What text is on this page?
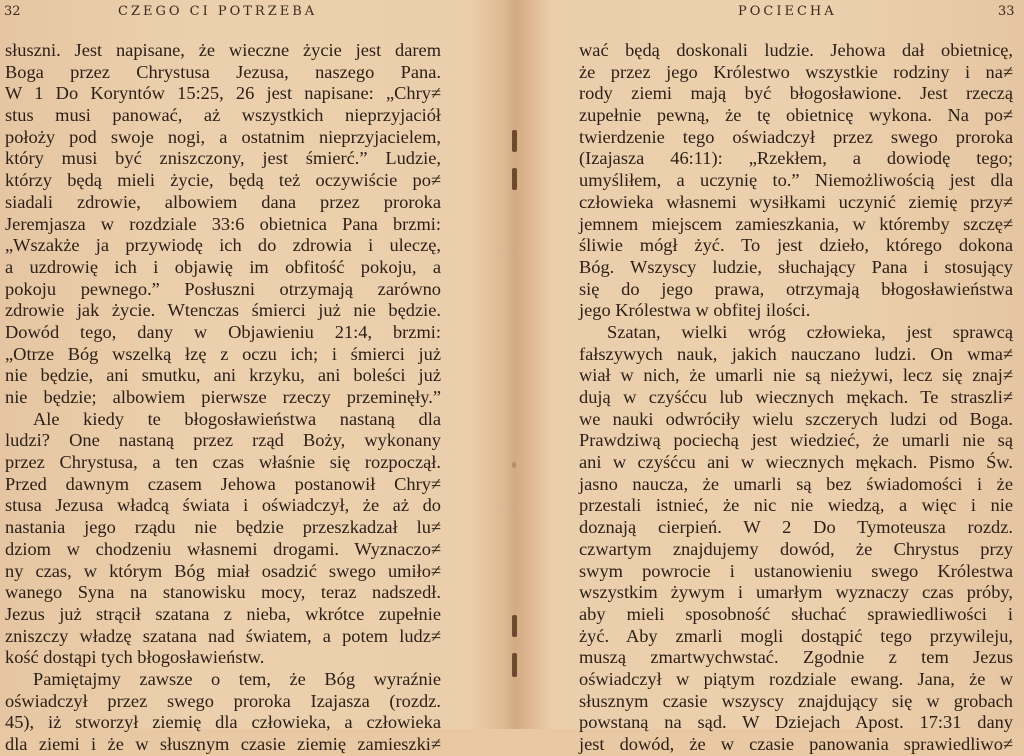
32	CZEGO CI POTRZEBA
słuszni. Jest napisane, że wieczne życie jest darem
Boga przez Chrystusa Jezusa, naszego Pana.
W 1 Do Koryntów 15:25, 26 jest napisane: „Chry≠
stus musi panować, aż wszystkich nieprzyjaciół
położy pod swoje nogi, a ostatnim nieprzyjacielem,
który musi być zniszczony, jest śmierć.” Ludzie,
którzy będą mieli życie, będą też oczywiście po≠
siadali zdrowie, albowiem dana przez proroka
Jeremjasza w rozdziale 33:6 obietnica Pana brzmi:
„Wszakże ja przywiodę ich do zdrowia i uleczę,
a uzdrowię ich i objawię im obfitość pokoju, a
pokoju pewnego.” Posłuszni otrzymają zarówno
zdrowie jak życie. Wtenczas śmierci już nie będzie.
Dowód tego, dany w Objawieniu 21:4, brzmi:
„Otrze Bóg wszelką łzę z oczu ich; i śmierci już
nie będzie, ani smutku, ani krzyku, ani boleści już
nie będzie; albowiem pierwsze rzeczy przeminęły.”
Ale kiedy te błogosławieństwa nastaną dla
ludzi? One nastaną przez rząd Boży, wykonany
przez Chrystusa, a ten czas właśnie się rozpoczął.
Przed dawnym czasem Jehowa postanowił Chry≠
stusa Jezusa władcą świata i oświadczył, że aż do
nastania jego rządu nie będzie przeszkadzał lu≠
dziom w chodzeniu własnemi drogami. Wyznaczo≠
ny czas, w którym Bóg miał osadzić swego umiło≠
wanego Syna na stanowisku mocy, teraz nadszedł.
Jezus już strącił szatana z nieba, wkrótce zupełnie
zniszczy władzę szatana nad światem, a potem ludz≠
kość dostąpi tych błogosławieństw.
Pamiętajmy zawsze o tem, że Bóg wyraźnie
oświadczył przez swego proroka Izajasza (rozdz.
45), iż stworzył ziemię dla człowieka, a człowieka
dla ziemi i że w słusznym czasie ziemię zamieszki≠
POCIECHA	33
wać będą doskonali ludzie. Jehowa dał obietnicę,
że przez jego Królestwo wszystkie rodziny i na≠
rody ziemi mają być błogosławione. Jest rzeczą
zupełnie pewną, że tę obietnicę wykona. Na po≠
twierdzenie tego oświadczył przez swego proroka
(Izajasza 46:11): „Rzekłem, a dowiodę tego;
umyśliłem, a uczynię to.” Niemożliwością jest dla
człowieka własnemi wysiłkami uczynić ziemię przy≠
jemnem miejscem zamieszkania, w któremby szczę≠
śliwie mógł żyć. To jest dzieło, którego dokona
Bóg. Wszyscy ludzie, słuchający Pana i stosujący
się do jego prawa, otrzymają błogosławieństwa
jego Królestwa w obfitej ilości.
Szatan, wielki wróg człowieka, jest sprawcą
fałszywych nauk, jakich nauczano ludzi. On wma≠
wiał w nich, że umarli nie są nieżywi, lecz się znaj≠
dują w czyśćcu lub wiecznych mękach. Te straszli≠
we nauki odwróciły wielu szczerych ludzi od Boga.
Prawdziwą pociechą jest wiedzieć, że umarli nie są
ani w czyśćcu ani w wiecznych mękach. Pismo Św.
jasno naucza, że umarli są bez świadomości i że
przestali istnieć, że nic nie wiedzą, a więc i nie
doznają cierpień. W 2 Do Tymoteusza rozdz.
czwartym znajdujemy dowód, że Chrystus przy
swym powrocie i ustanowieniu swego Królestwa
wszystkim żywym i umarłym wyznaczy czas próby,
aby mieli sposobność słuchać sprawiedliwości i
żyć. Aby zmarli mogli dostąpić tego przywileju,
muszą zmartwychwstać. Zgodnie z tem Jezus
oświadczył w piątym rozdziale ewang. Jana, że w
słusznym czasie wszyscy znajdujący się w grobach
powstaną na sąd. W Dziejach Apost. 17:31 dany
jest dowód, że w czasie panowania sprawiedliwo≠
